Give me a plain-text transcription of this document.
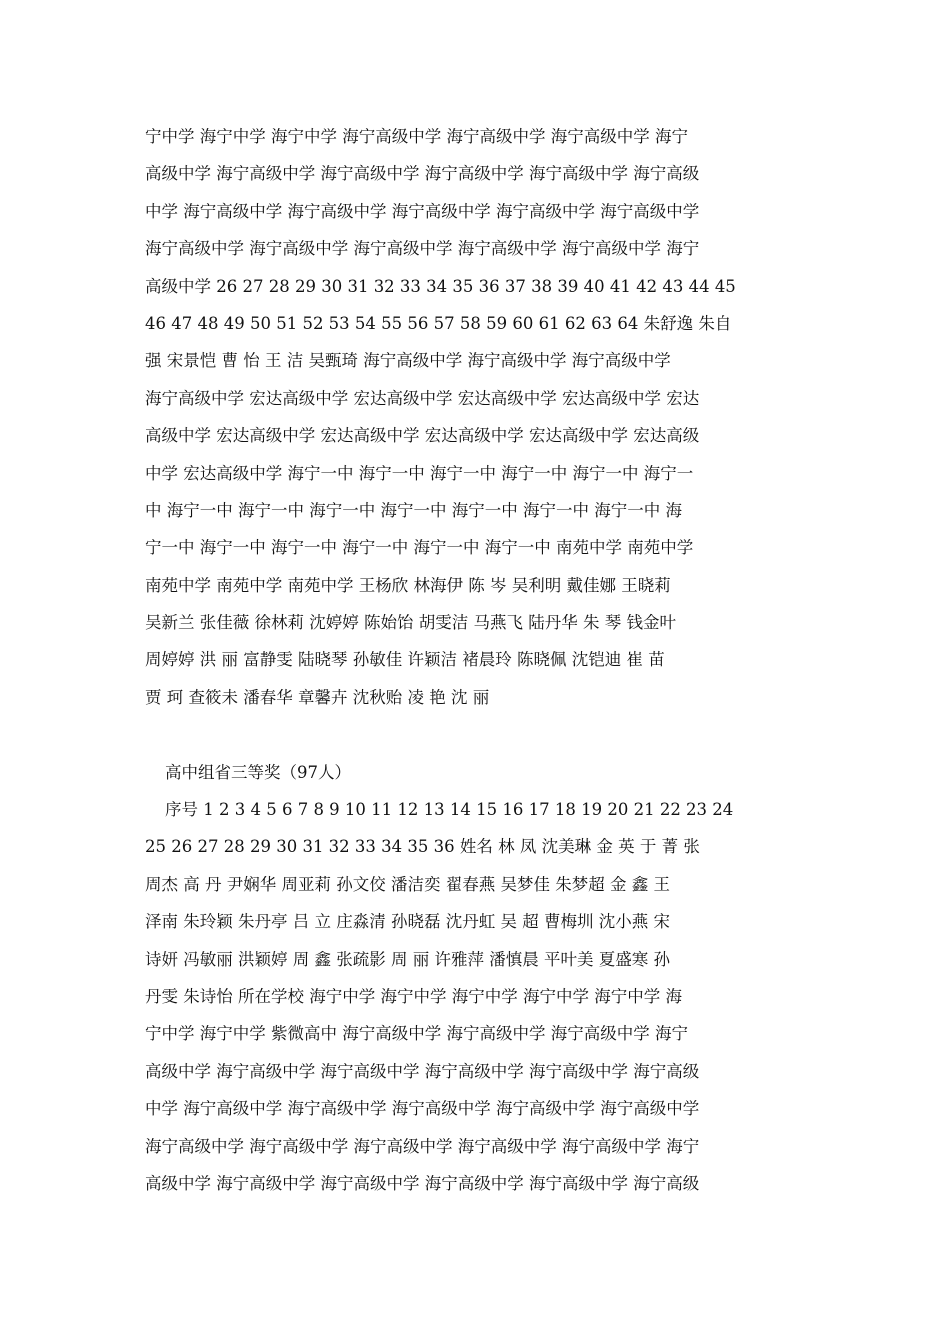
宁中学 海宁中学 海宁中学 海宁高级中学 海宁高级中学 海宁高级中学 海宁
高级中学 海宁高级中学 海宁高级中学 海宁高级中学 海宁高级中学 海宁高级
中学 海宁高级中学 海宁高级中学 海宁高级中学 海宁高级中学 海宁高级中学
海宁高级中学 海宁高级中学 海宁高级中学 海宁高级中学 海宁高级中学 海宁
高级中学 26 27 28 29 30 31 32 33 34 35 36 37 38 39 40 41 42 43 44 45
46 47 48 49 50 51 52 53 54 55 56 57 58 59 60 61 62 63 64 朱舒逸 朱自
强 宋景恺 曹 怡 王 洁 吴甄琦 海宁高级中学 海宁高级中学 海宁高级中学
海宁高级中学 宏达高级中学 宏达高级中学 宏达高级中学 宏达高级中学 宏达
高级中学 宏达高级中学 宏达高级中学 宏达高级中学 宏达高级中学 宏达高级
中学 宏达高级中学 海宁一中 海宁一中 海宁一中 海宁一中 海宁一中 海宁一
中 海宁一中 海宁一中 海宁一中 海宁一中 海宁一中 海宁一中 海宁一中 海
宁一中 海宁一中 海宁一中 海宁一中 海宁一中 海宁一中 南苑中学 南苑中学
南苑中学 南苑中学 南苑中学 王杨欣 林海伊 陈 岑 吴利明 戴佳娜 王晓莉
吴新兰 张佳薇 徐林莉 沈婷婷 陈始饴 胡雯洁 马燕飞 陆丹华 朱 琴 钱金叶
周婷婷 洪 丽 富静雯 陆晓琴 孙敏佳 许颖洁 褚晨玲 陈晓佩 沈铠迪 崔 苗
贾 珂 查筱未 潘春华 章馨卉 沈秋贻 凌 艳 沈 丽
高中组省三等奖（97人）
序号 1 2 3 4 5 6 7 8 9 10 11 12 13 14 15 16 17 18 19 20 21 22 23 24
25 26 27 28 29 30 31 32 33 34 35 36 姓名 林 凤 沈美琳 金 英 于 菁 张
周杰 高 丹 尹娴华 周亚莉 孙文佼 潘洁奕 翟春燕 吴梦佳 朱梦超 金 鑫 王
泽南 朱玲颖 朱丹亭 吕 立 庄淼清 孙晓磊 沈丹虹 吴 超 曹梅圳 沈小燕 宋
诗妍 冯敏丽 洪颖婷 周 鑫 张疏影 周 丽 许雅萍 潘慎晨 平叶美 夏盛寒 孙
丹雯 朱诗怡 所在学校 海宁中学 海宁中学 海宁中学 海宁中学 海宁中学 海
宁中学 海宁中学 紫微高中 海宁高级中学 海宁高级中学 海宁高级中学 海宁
高级中学 海宁高级中学 海宁高级中学 海宁高级中学 海宁高级中学 海宁高级
中学 海宁高级中学 海宁高级中学 海宁高级中学 海宁高级中学 海宁高级中学
海宁高级中学 海宁高级中学 海宁高级中学 海宁高级中学 海宁高级中学 海宁
高级中学 海宁高级中学 海宁高级中学 海宁高级中学 海宁高级中学 海宁高级
